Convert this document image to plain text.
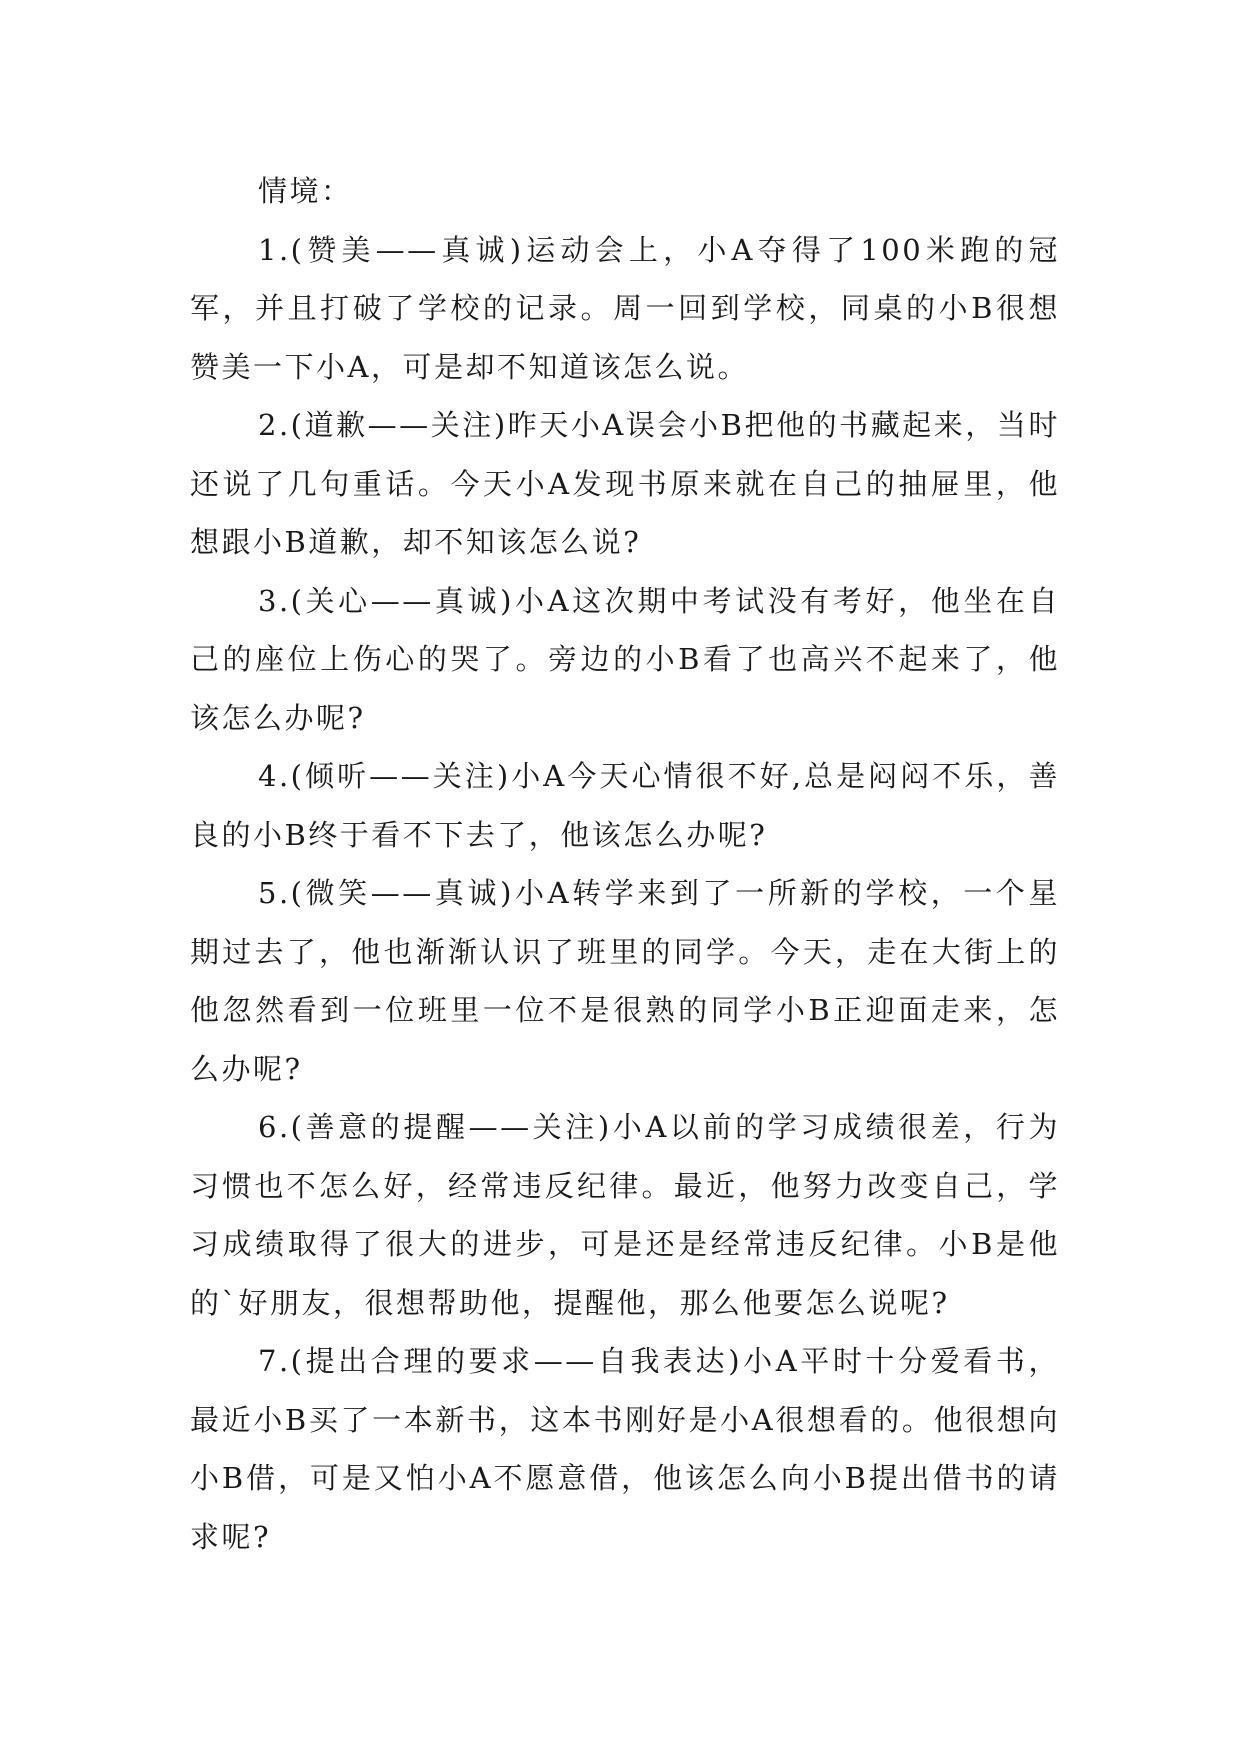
情境：

1.(赞美——真诚)运动会上，小A夺得了100米跑的冠军，并且打破了学校的记录。周一回到学校，同桌的小B很想赞美一下小A，可是却不知道该怎么说。

2.(道歉——关注)昨天小A误会小B把他的书藏起来，当时还说了几句重话。今天小A发现书原来就在自己的抽屉里，他想跟小B道歉，却不知该怎么说?

3.(关心——真诚)小A这次期中考试没有考好，他坐在自己的座位上伤心的哭了。旁边的小B看了也高兴不起来了，他该怎么办呢?

4.(倾听——关注)小A今天心情很不好,总是闷闷不乐，善良的小B终于看不下去了，他该怎么办呢?

5.(微笑——真诚)小A转学来到了一所新的学校，一个星期过去了，他也渐渐认识了班里的同学。今天，走在大街上的他忽然看到一位班里一位不是很熟的同学小B正迎面走来，怎么办呢?

6.(善意的提醒——关注)小A以前的学习成绩很差，行为习惯也不怎么好，经常违反纪律。最近，他努力改变自己，学习成绩取得了很大的进步，可是还是经常违反纪律。小B是他的`好朋友，很想帮助他，提醒他，那么他要怎么说呢?

7.(提出合理的要求——自我表达)小A平时十分爱看书，最近小B买了一本新书，这本书刚好是小A很想看的。他很想向小B借，可是又怕小A不愿意借，他该怎么向小B提出借书的请求呢?
